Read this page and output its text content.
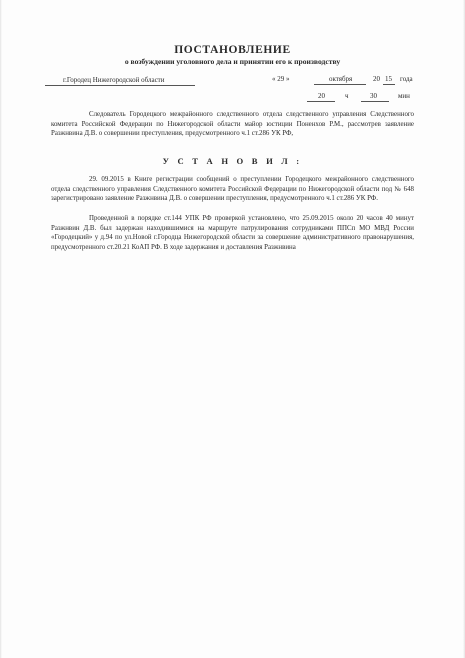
ПОСТАНОВЛЕНИЕ
о возбуждении уголовного дела и принятии его к производству
г.Городец Нижегородской области	« 29 »	октября	20 15 года
20	ч	30	мин
Следователь Городецкого межрайонного следственного отдела следственного управления Следственного комитета Российской Федерации по Нижегородской области майор юстиции Поненхов Р.М., рассмотрев заявление Разжнвина Д.В. о совершении преступления, предусмотренного ч.1 ст.286 УК РФ,
У С Т А Н О В И Л :
29. 09.2015 в Книге регистрации сообщений о преступлении Городецкого межрайонного следственного отдела следственного управления Следственного комитета Российской Федерации по Нижегородской области под № 648 зарегистрировано заявление Разжнвина Д.В. о совершении преступления, предусмотренного ч.1 ст.286 УК РФ.
Проведенной в порядке ст.144 УПК РФ проверкой установлено, что 25.09.2015 около 20 часов 40 минут Разжнвин Д.В. был задержан находившимися на маршруте патрулирования сотрудниками ППСп МО МВД России «Городецкий» у д.94 по ул.Новой г.Городца Нижегородской области за совершение административного правонарушения, предусмотренного ст.20.21 КоАП РФ. В ходе задержания и доставления Разжнвина
